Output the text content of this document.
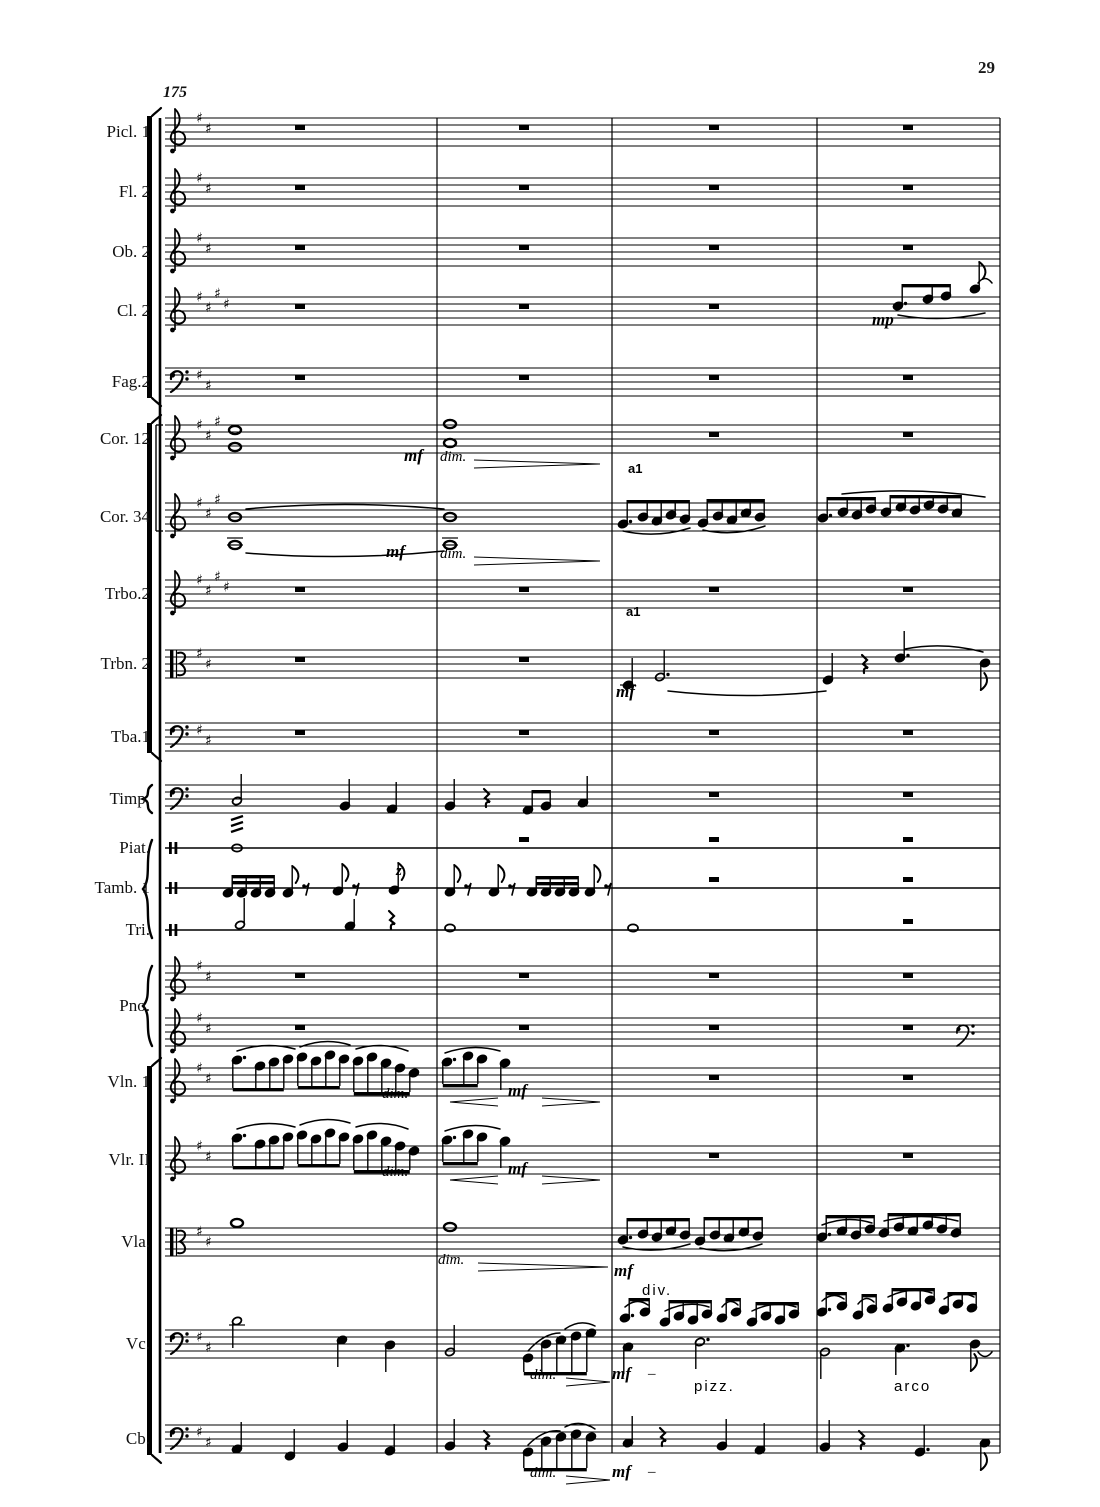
29
175
♯
♯
♯
♯
♯
♯
♯
♯
♯
♯
♯
♯
♯
♯
♯
♯
♯
♯
♯
♯
♯
♯
♯
♯
♯
♯
♯
♯
♯
♯
♯
♯
♯
♯
♯
♯
♯
♯
♯
♯
mp
mf dim.
mf dim.
a1
a1
mf
z
dim.	mf
dim.	mf
dim.
mf
dim.	mf –
div.
dim.	mf –
pizz.	arco
Picl. 1
Fl. 2
Ob. 2
Cl. 2
Fag.2
Cor. 12
Cor. 34
Trbo.2
Trbn. 2
Tba.1
Timp.
Piat.
Tamb. 1
Tri.
Pno.
Vln. 1
Vlr. II
Vla.
Vc.
Cb.
